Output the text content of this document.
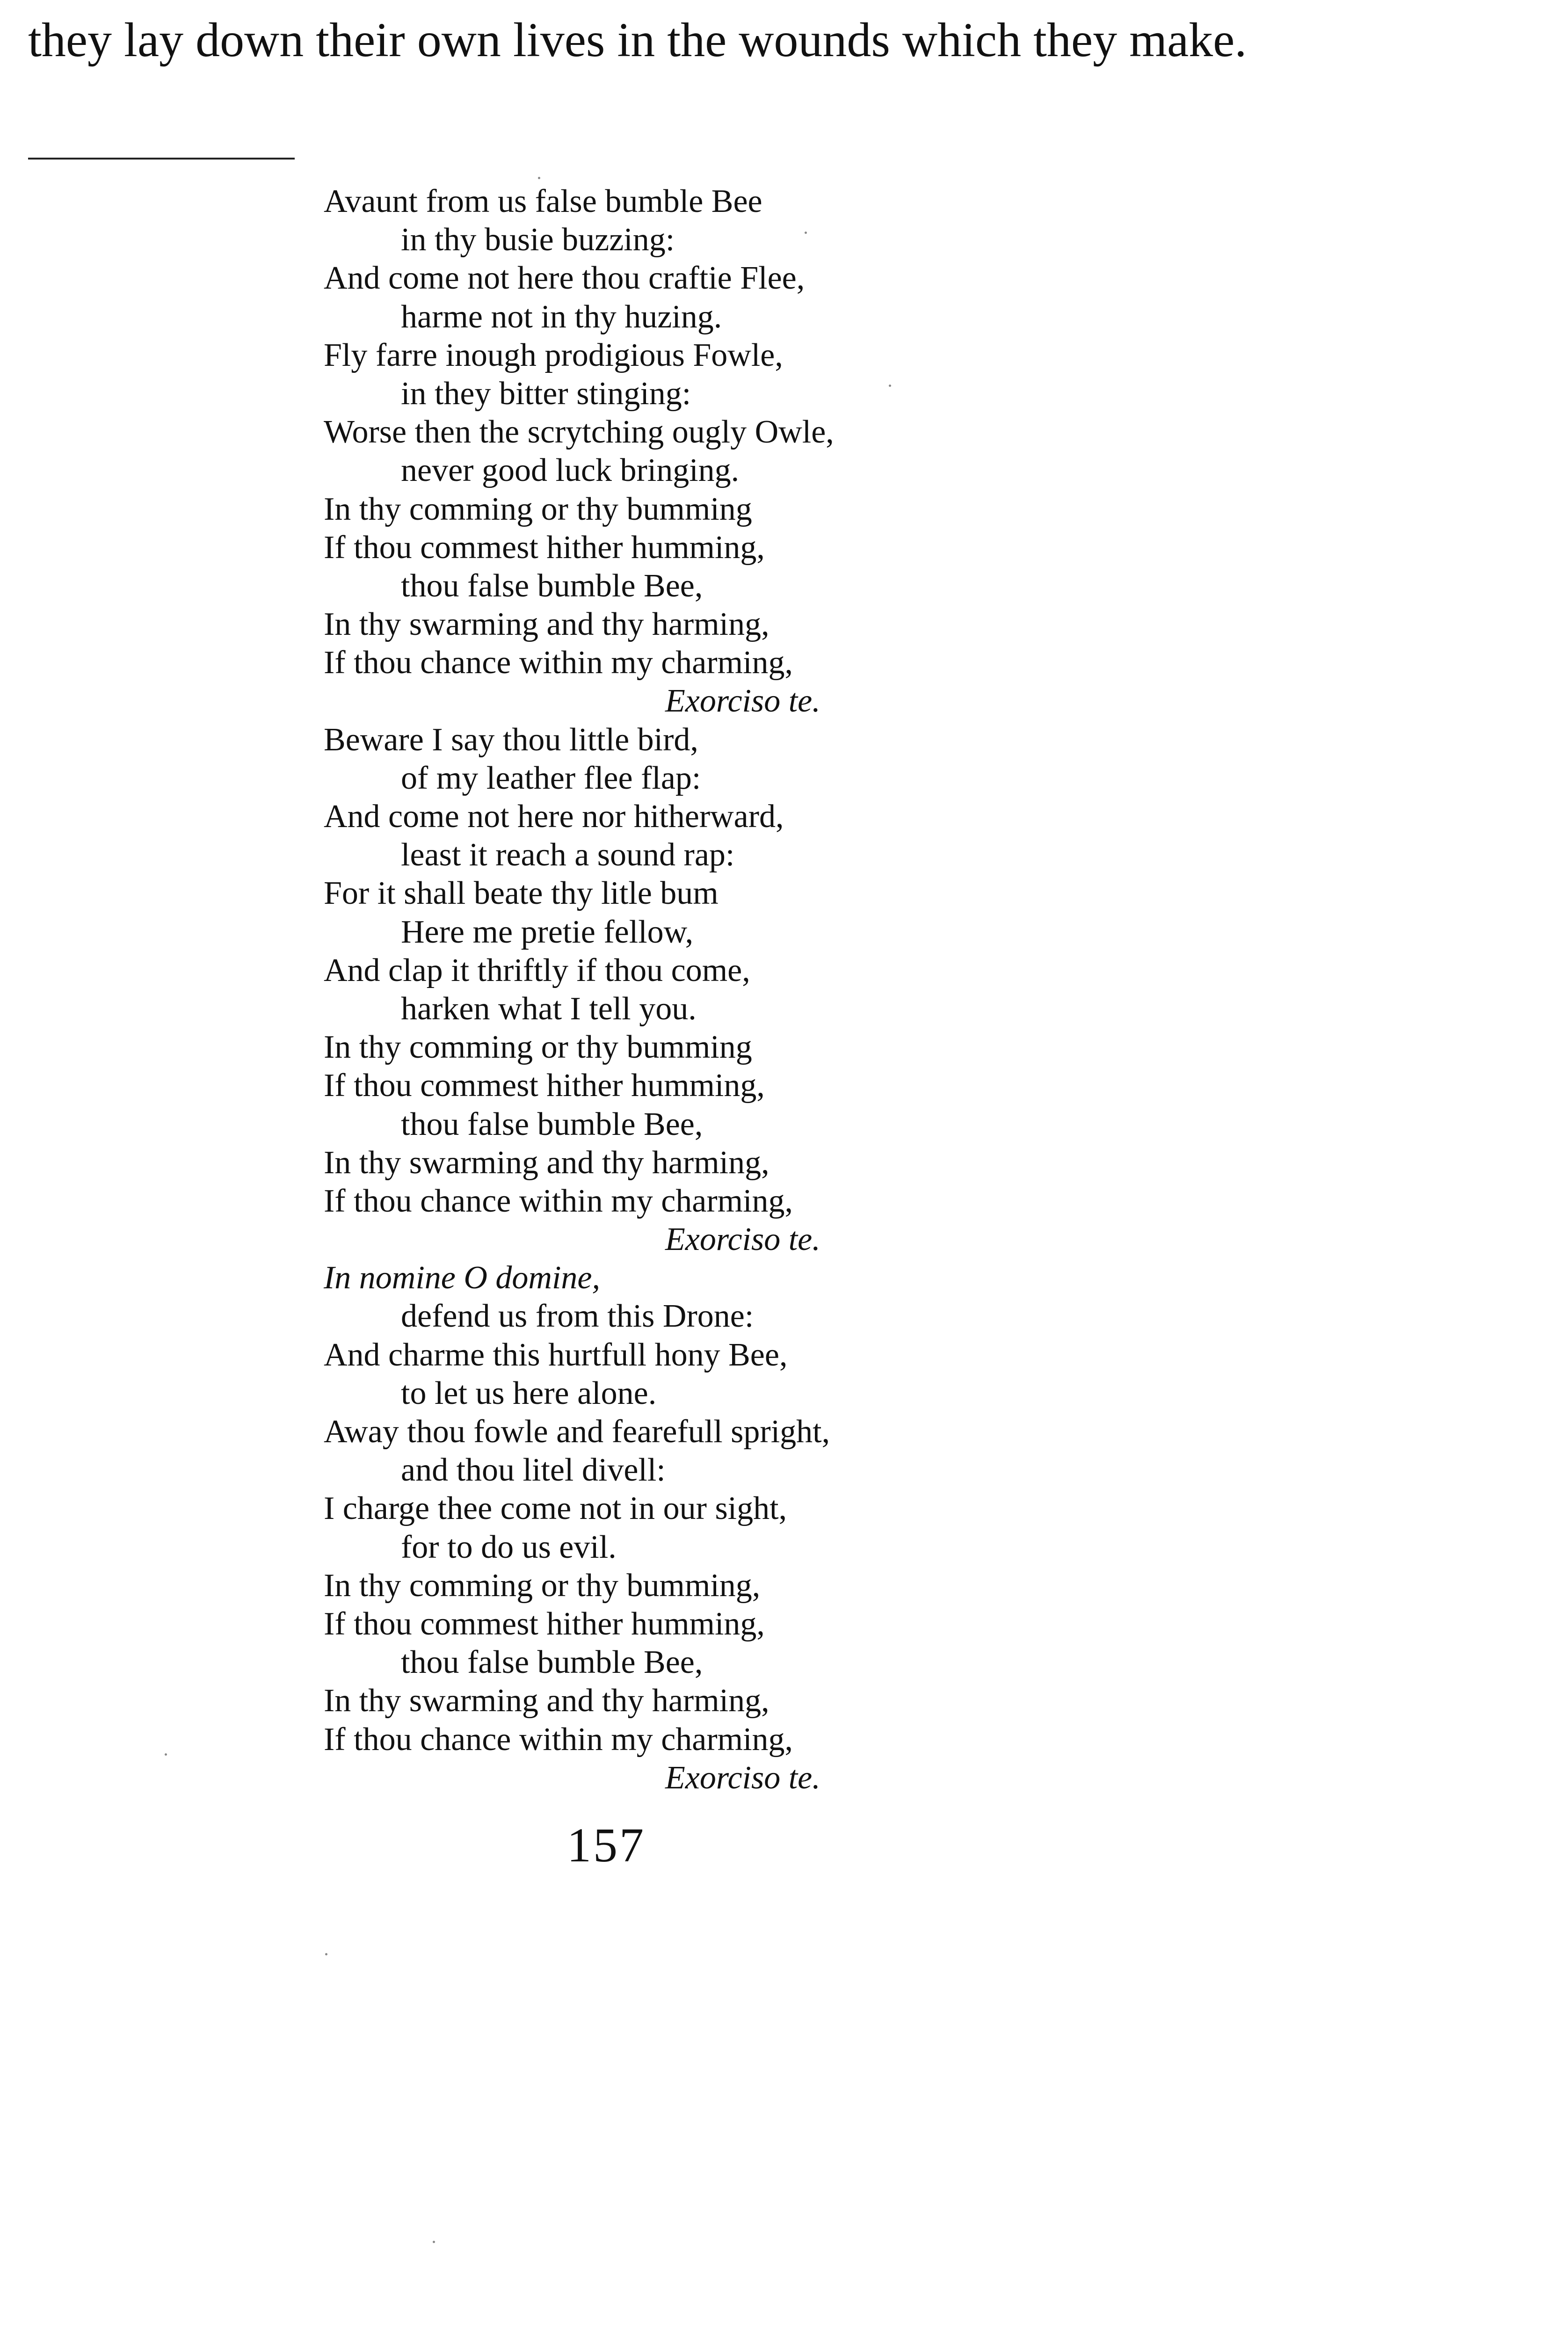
they lay down their own lives in the wounds which they make.

Avaunt from us false bumble Bee
in thy busie buzzing:
And come not here thou craftie Flee,
harme not in thy huzing.
Fly farre inough prodigious Fowle,
in they bitter stinging:
Worse then the scrytching ougly Owle,
never good luck bringing.
In thy comming or thy bumming
If thou commest hither humming,
thou false bumble Bee,
In thy swarming and thy harming,
If thou chance within my charming,
Exorciso te.
Beware I say thou little bird,
of my leather flee flap:
And come not here nor hitherward,
least it reach a sound rap:
For it shall beate thy litle bum
Here me pretie fellow,
And clap it thriftly if thou come,
harken what I tell you.
In thy comming or thy bumming
If thou commest hither humming,
thou false bumble Bee,
In thy swarming and thy harming,
If thou chance within my charming,
Exorciso te.
In nomine O domine,
defend us from this Drone:
And charme this hurtfull hony Bee,
to let us here alone.
Away thou fowle and fearefull spright,
and thou litel divell:
I charge thee come not in our sight,
for to do us evil.
In thy comming or thy bumming,
If thou commest hither humming,
thou false bumble Bee,
In thy swarming and thy harming,
If thou chance within my charming,
Exorciso te.
157
